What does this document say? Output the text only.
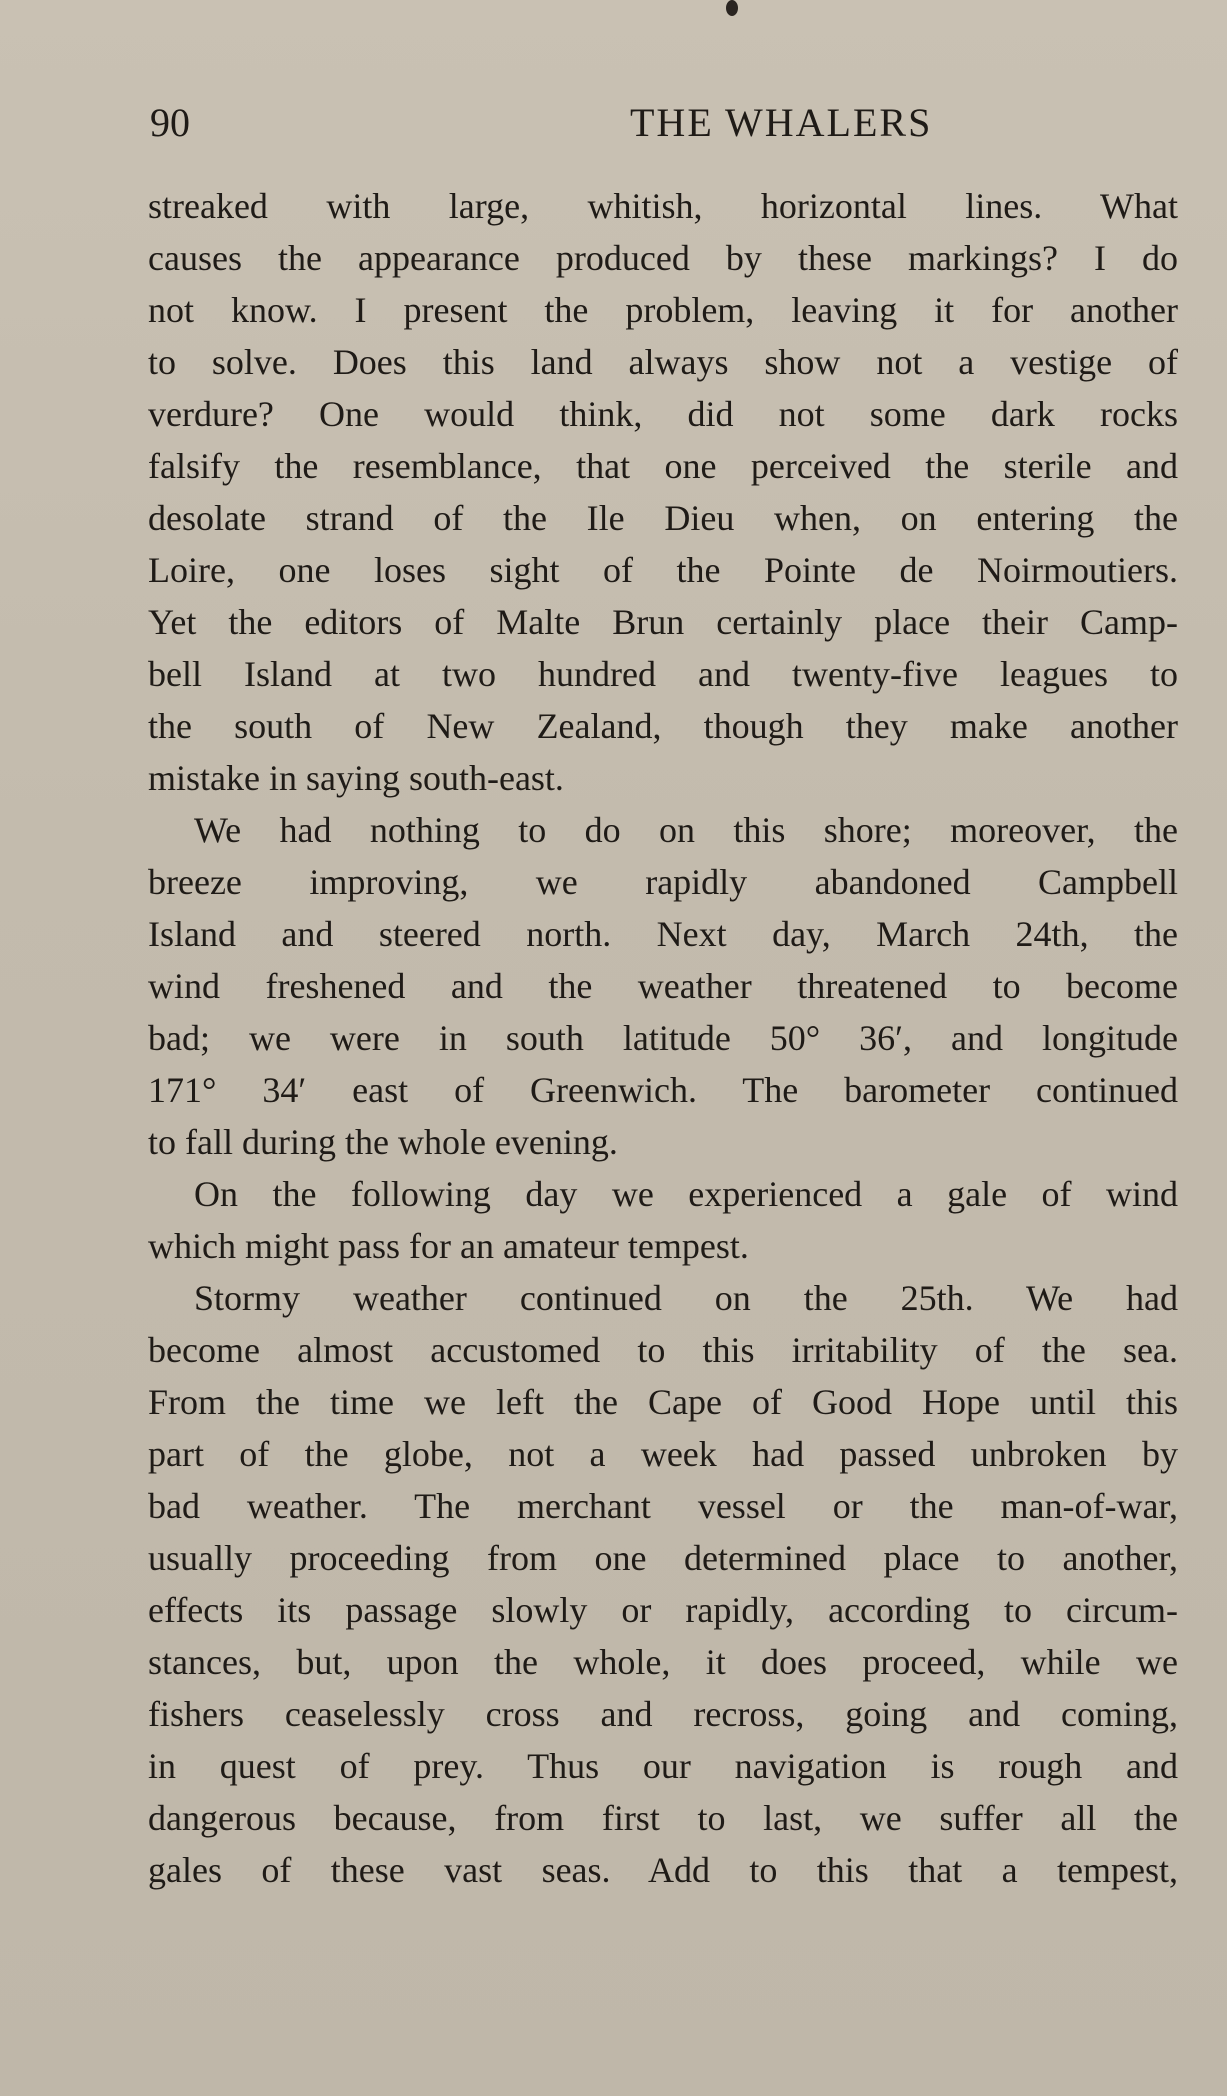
90	THE WHALERS
streaked with large, whitish, horizontal lines. What
causes the appearance produced by these markings? I do
not know. I present the problem, leaving it for another
to solve. Does this land always show not a vestige of
verdure? One would think, did not some dark rocks
falsify the resemblance, that one perceived the sterile and
desolate strand of the Ile Dieu when, on entering the
Loire, one loses sight of the Pointe de Noirmoutiers.
Yet the editors of Malte Brun certainly place their Camp-
bell Island at two hundred and twenty-five leagues to
the south of New Zealand, though they make another
mistake in saying south-east.
We had nothing to do on this shore; moreover, the
breeze improving, we rapidly abandoned Campbell
Island and steered north. Next day, March 24th, the
wind freshened and the weather threatened to become
bad; we were in south latitude 50° 36′, and longitude
171° 34′ east of Greenwich. The barometer continued
to fall during the whole evening.
On the following day we experienced a gale of wind
which might pass for an amateur tempest.
Stormy weather continued on the 25th. We had
become almost accustomed to this irritability of the sea.
From the time we left the Cape of Good Hope until this
part of the globe, not a week had passed unbroken by
bad weather. The merchant vessel or the man-of-war,
usually proceeding from one determined place to another,
effects its passage slowly or rapidly, according to circum-
stances, but, upon the whole, it does proceed, while we
fishers ceaselessly cross and recross, going and coming,
in quest of prey. Thus our navigation is rough and
dangerous because, from first to last, we suffer all the
gales of these vast seas. Add to this that a tempest,
